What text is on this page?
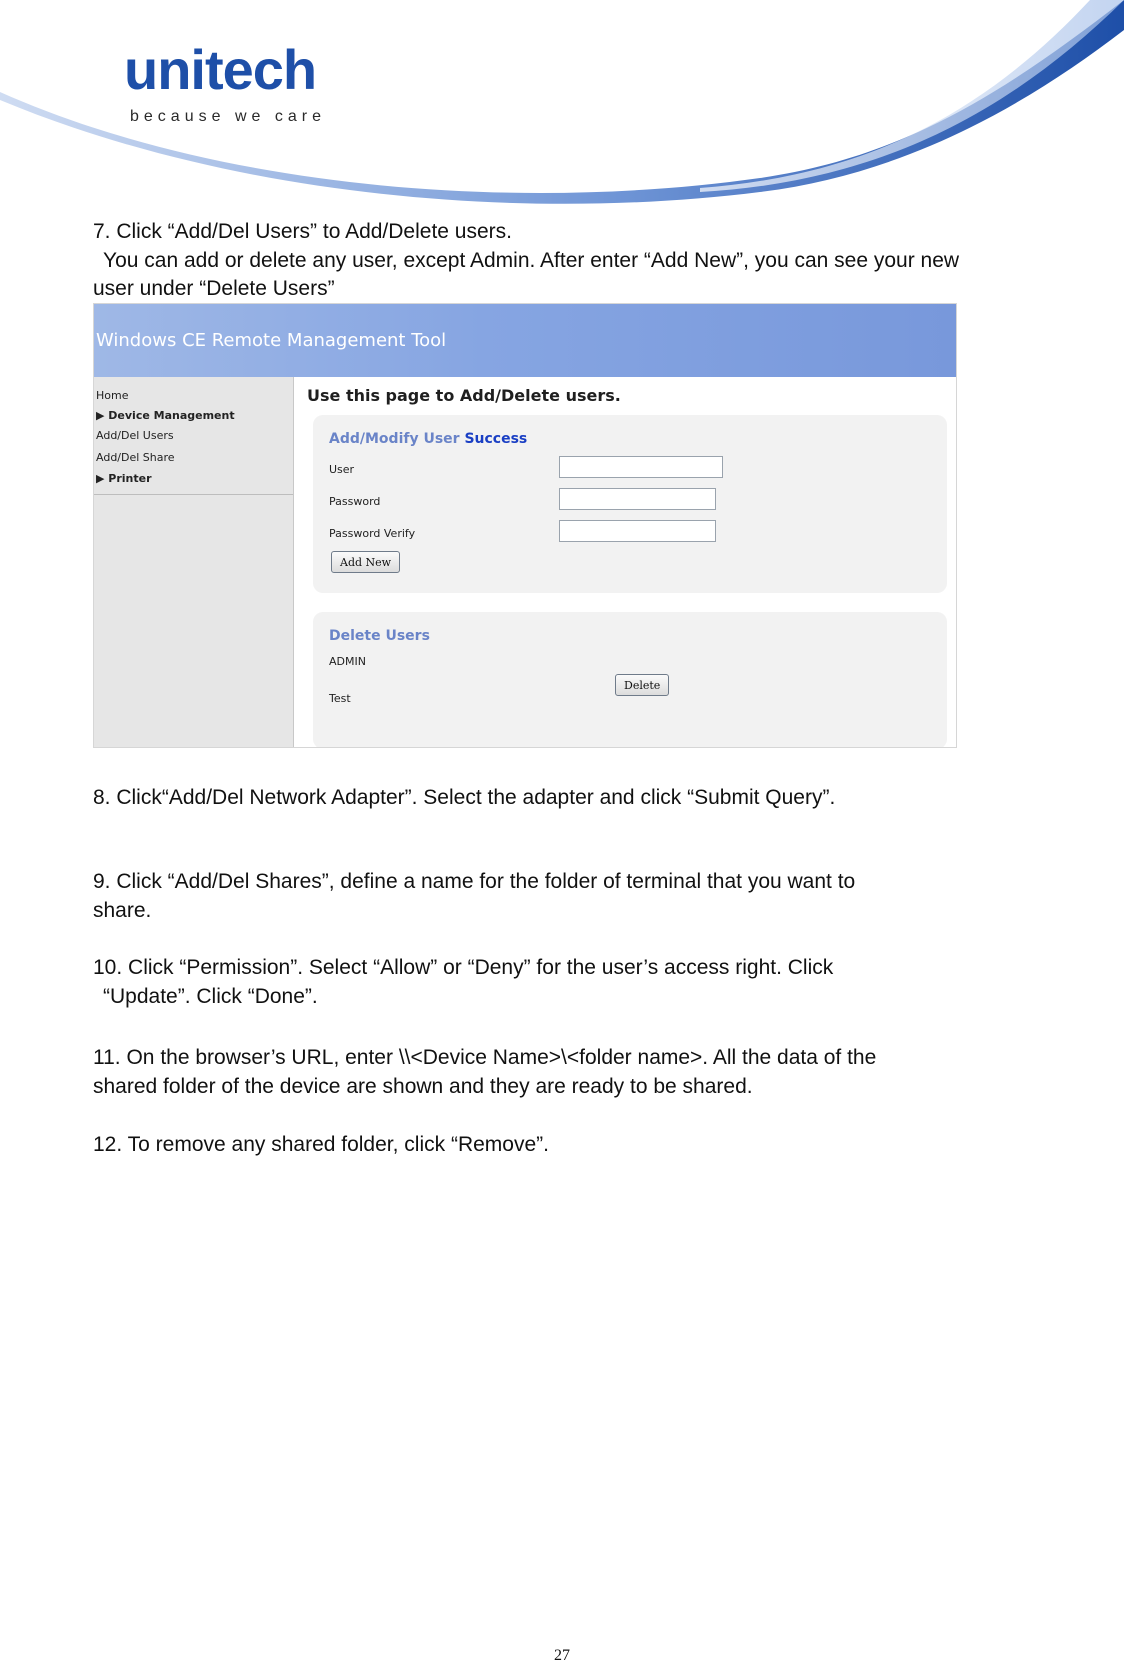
unitech
because we care
7. Click “Add/Del Users” to Add/Delete users.
You can add or delete any user, except Admin. After enter “Add New”, you can see your new
user under “Delete Users”
Windows CE Remote Management Tool
Home
▶ Device Management
Add/Del Users
Add/Del Share
▶ Printer
Use this page to Add/Delete users.
Add/Modify User Success
User
Password
Password Verify
Add New
Delete Users
ADMIN
Test
Delete
8. Click“Add/Del Network Adapter”. Select the adapter and click “Submit Query”.
9. Click “Add/Del Shares”, define a name for the folder of terminal that you want to
share.
10. Click “Permission”. Select “Allow” or “Deny” for the user’s access right. Click
“Update”. Click “Done”.
11. On the browser’s URL, enter \\<Device Name>\<folder name>. All the data of the
shared folder of the device are shown and they are ready to be shared.
12. To remove any shared folder, click “Remove”.
27
